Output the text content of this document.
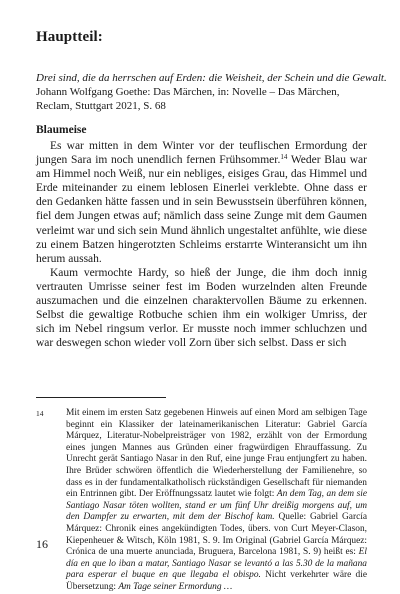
Hauptteil:
Drei sind, die da herrschen auf Erden: die Weisheit, der Schein und die Gewalt.
Johann Wolfgang Goethe: Das Märchen, in: Novelle – Das Märchen, Reclam, Stuttgart 2021, S. 68
Blaumeise

Es war mitten in dem Winter vor der teuflischen Ermordung der jungen Sara im noch unendlich fernen Frühsommer.$^{14}$ Weder Blau war am Himmel noch Weiß, nur ein nebliges, eisiges Grau, das Himmel und Erde miteinander zu einem leblosen Einerlei verklebte. Ohne dass er den Gedanken hätte fassen und in sein Bewusstsein überführen können, fiel dem Jungen etwas auf; nämlich dass seine Zunge mit dem Gaumen verleimt war und sich sein Mund ähnlich ungestaltet anfühlte, wie diese zu einem Batzen hingerotzten Schleims erstarrte Winteransicht um ihn herum aussah.

Kaum vermochte Hardy, so hieß der Junge, die ihm doch innig vertrauten Umrisse seiner fest im Boden wurzelnden alten Freunde auszumachen und die einzelnen charaktervollen Bäume zu erkennen. Selbst die gewaltige Rotbuche schien ihm ein wolkiger Umriss, der sich im Nebel ringsum verlor. Er musste noch immer schluchzen und war deswegen schon wieder voll Zorn über sich selbst. Dass er sich

14 Mit einem im ersten Satz gegebenen Hinweis auf einen Mord am selbigen Tage beginnt ein Klassiker der lateinamerikanischen Literatur: Gabriel García Márquez, Literatur-Nobelpreisträger von 1982, erzählt von der Ermordung eines jungen Mannes aus Gründen einer fragwürdigen Ehrauffassung. Zu Unrecht gerät Santiago Nasar in den Ruf, eine junge Frau entjungfert zu haben. Ihre Brüder schwören öffentlich die Wiederherstellung der Familienehre, so dass es in der fundamentalkatholisch rückständigen Gesellschaft für niemanden ein Entrinnen gibt. Der Eröffnungssatz lautet wie folgt: An dem Tag, an dem sie Santiago Nasar töten wollten, stand er um fünf Uhr dreißig morgens auf, um den Dampfer zu erwarten, mit dem der Bischof kam. Quelle: Gabriel García Márquez: Chronik eines angekündigten Todes, übers. von Curt Meyer-Clason, Kiepenheuer & Witsch, Köln 1981, S. 9. Im Original (Gabriel García Márquez: Crónica de una muerte anunciada, Bruguera, Barcelona 1981, S. 9) heißt es: El día en que lo iban a matar, Santiago Nasar se levantó a las 5.30 de la mañana para esperar el buque en que llegaba el obispo. Nicht verkehrter wäre die Übersetzung: Am Tage seiner Ermordung …
16
